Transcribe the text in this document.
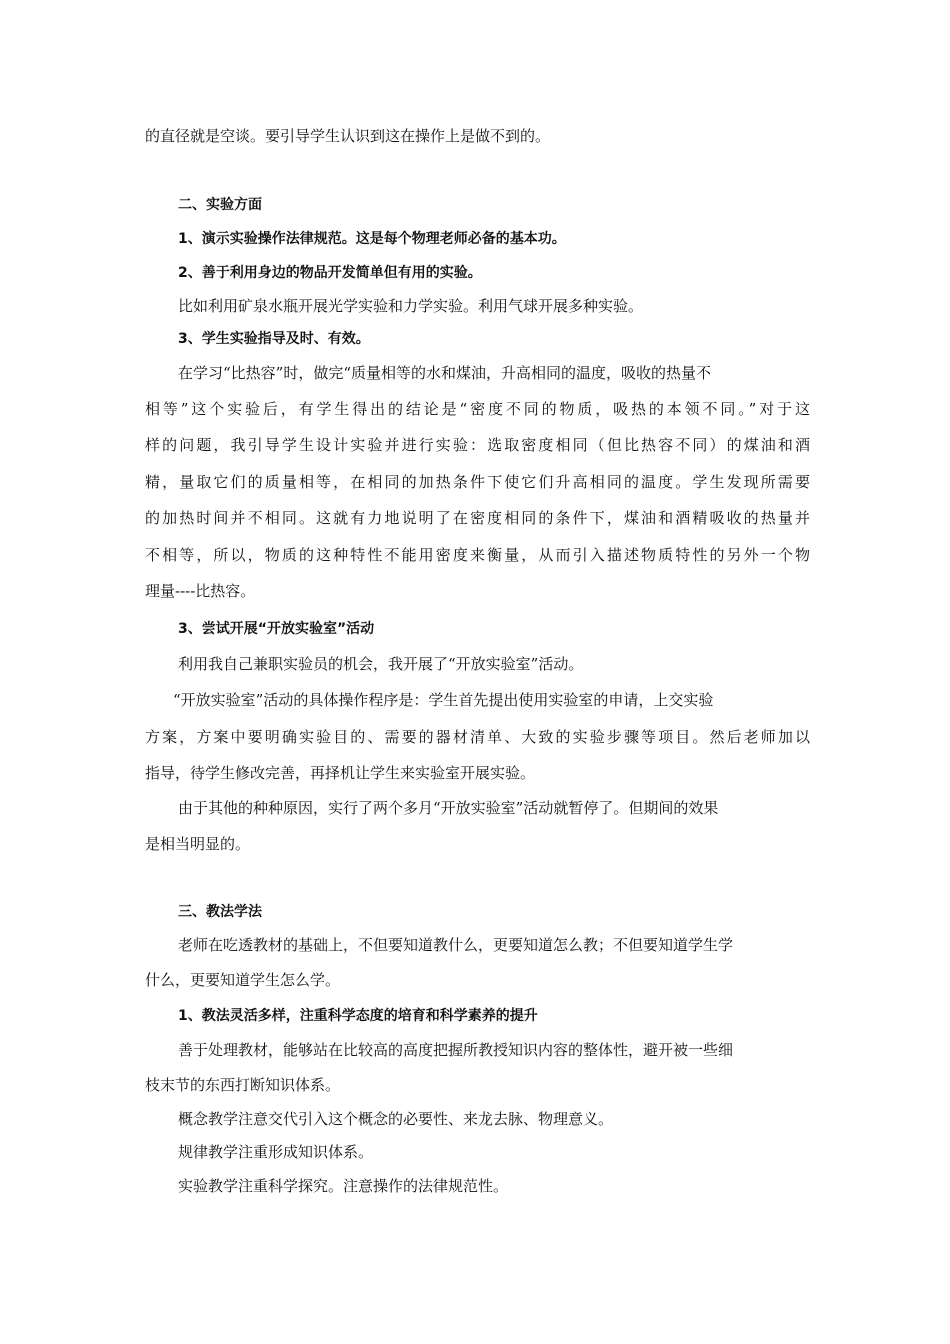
的直径就是空谈。要引导学生认识到这在操作上是做不到的。
二、实验方面
1、演示实验操作法律规范。这是每个物理老师必备的基本功。
2、善于利用身边的物品开发简单但有用的实验。
比如利用矿泉水瓶开展光学实验和力学实验。利用气球开展多种实验。
3、学生实验指导及时、有效。
在学习“比热容”时，做完“质量相等的水和煤油，升高相同的温度，吸收的热量不
相等”这个实验后，有学生得出的结论是“密度不同的物质，吸热的本领不同。”对于这
样的问题，我引导学生设计实验并进行实验：选取密度相同（但比热容不同）的煤油和酒
精，量取它们的质量相等，在相同的加热条件下使它们升高相同的温度。学生发现所需要
的加热时间并不相同。这就有力地说明了在密度相同的条件下，煤油和酒精吸收的热量并
不相等，所以，物质的这种特性不能用密度来衡量，从而引入描述物质特性的另外一个物
理量----比热容。
3、尝试开展“开放实验室”活动
利用我自己兼职实验员的机会，我开展了“开放实验室”活动。
“开放实验室”活动的具体操作程序是：学生首先提出使用实验室的申请，上交实验
方案，方案中要明确实验目的、需要的器材清单、大致的实验步骤等项目。然后老师加以
指导，待学生修改完善，再择机让学生来实验室开展实验。
由于其他的种种原因，实行了两个多月“开放实验室”活动就暂停了。但期间的效果
是相当明显的。
三、教法学法
老师在吃透教材的基础上，不但要知道教什么，更要知道怎么教；不但要知道学生学
什么，更要知道学生怎么学。
1、教法灵活多样，注重科学态度的培育和科学素养的提升
善于处理教材，能够站在比较高的高度把握所教授知识内容的整体性，避开被一些细
枝末节的东西打断知识体系。
概念教学注意交代引入这个概念的必要性、来龙去脉、物理意义。
规律教学注重形成知识体系。
实验教学注重科学探究。注意操作的法律规范性。
